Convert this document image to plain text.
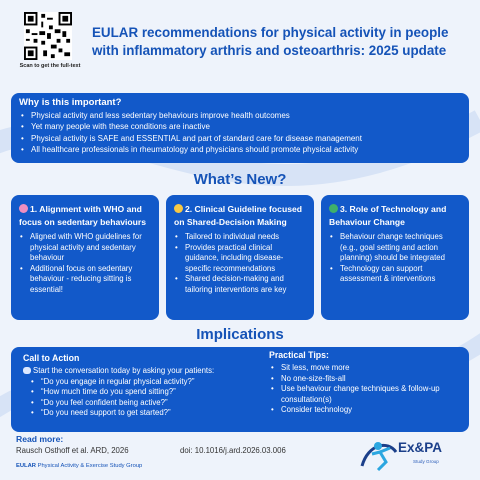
Scan to get the full-text
EULAR recommendations for physical activity in people with inflammatory arthris and osteoarthris: 2025 update
Why is this important?
• Physical activity and less sedentary behaviours improve health outcomes
• Yet many people with these conditions are inactive
• Physical activity is SAFE and ESSENTIAL and part of standard care for disease management
• All healthcare professionals in rheumatology and physicians should promote physical activity
What’s New?
1. Alignment with WHO and focus on sedentary behaviours
• Aligned with WHO guidelines for physical activity and sedentary behaviour
• Additional focus on sedentary behaviour - reducing sitting is essential!
2. Clinical Guideline focused on Shared-Decision Making
• Tailored to individual needs
• Provides practical clinical guidance, including disease-specific recommendations
• Shared decision-making and tailoring interventions are key
3. Role of Technology and Behaviour Change
• Behaviour change techniques (e.g., goal setting and action planning) should be integrated
• Technology can support assessment & interventions
Implications
Call to Action
Start the conversation today by asking your patients:
• “Do you engage in regular physical activity?”
• “How much time do you spend sitting?”
• “Do you feel confident being active?”
• “Do you need support to get started?”
Practical Tips:
• Sit less, move more
• No one-size-fits-all
• Use behaviour change techniques & follow-up consultation(s)
• Consider technology
Read more:
Rausch Osthoff et al. ARD, 2026	doi: 10.1016/j.ard.2026.03.006
EULAR Physical Activity & Exercise Study Group
Ex&PA
Study Group
